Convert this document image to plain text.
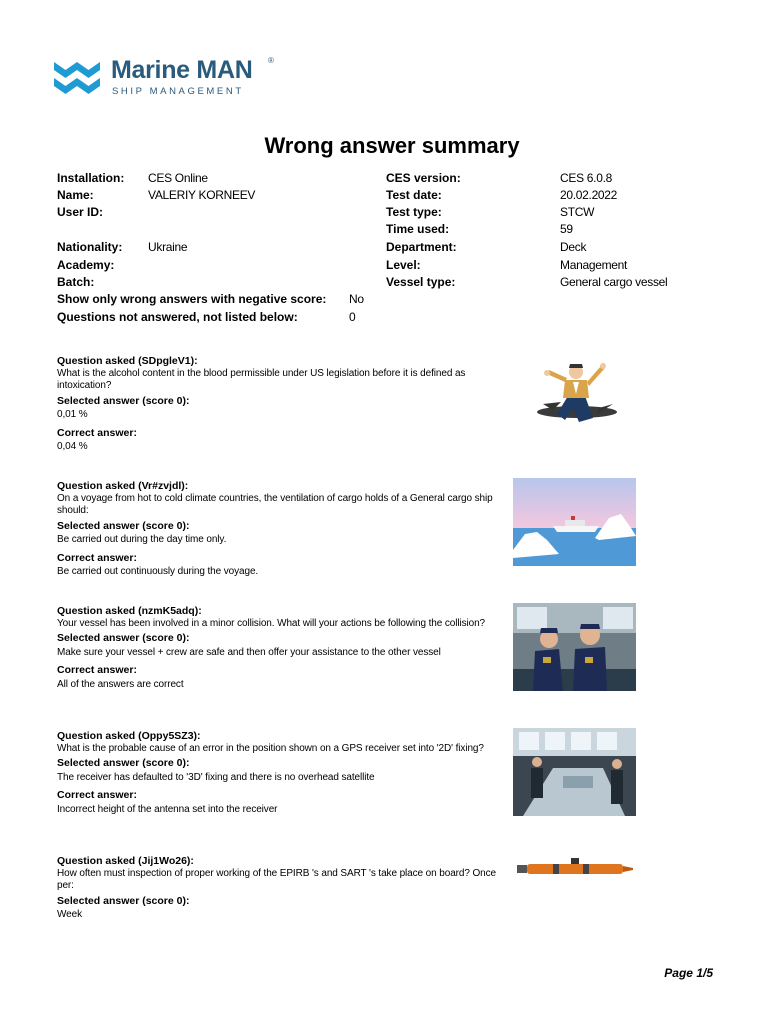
Marine MAN ®
SHIP MANAGEMENT
Wrong answer summary
Installation: CES Online
Name:	VALERIY KORNEEV
User ID:
Nationality: Ukraine
Academy:
Batch:
Show only wrong answers with negative score: No
Questions not answered, not listed below:	0
CES version:	CES 6.0.8
Test date:	20.02.2022
Test type:	STCW
Time used:	59
Department:	Deck
Level:	Management
Vessel type:	General cargo vessel
Question asked (SDpgleV1):
What is the alcohol content in the blood permissible under US legislation before it is defined as intoxication?
Selected answer (score 0):
0,01 %
Correct answer:
0,04 %
Question asked (Vr#zvjdl):
On a voyage from hot to cold climate countries, the ventilation of cargo holds of a General cargo ship should:
Selected answer (score 0):
Be carried out during the day time only.
Correct answer:
Be carried out continuously during the voyage.
Question asked (nzmK5adq):
Your vessel has been involved in a minor collision. What will your actions be following the collision?
Selected answer (score 0):
Make sure your vessel + crew are safe and then offer your assistance to the other vessel
Correct answer:
All of the answers are correct
Question asked (Oppy5SZ3):
What is the probable cause of an error in the position shown on a GPS receiver set into '2D' fixing?
Selected answer (score 0):
The receiver has defaulted to '3D' fixing and there is no overhead satellite
Correct answer:
Incorrect height of the antenna set into the receiver
Question asked (Jij1Wo26):
How often must inspection of proper working of the EPIRB 's and SART 's take place on board? Once per:
Selected answer (score 0):
Week
Page 1/5
